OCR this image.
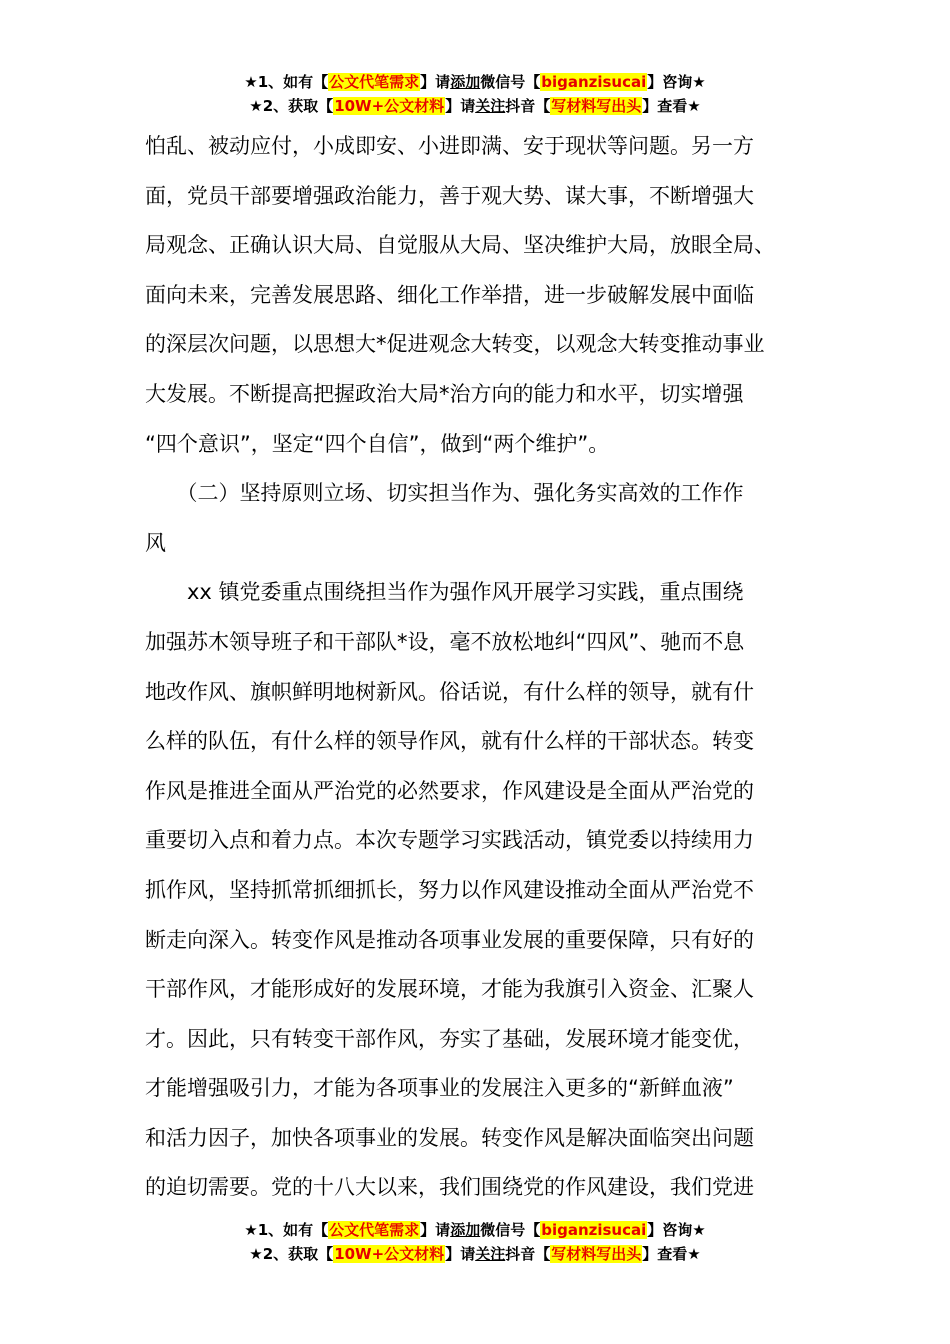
★1、如有【公文代笔需求】请添加微信号【biganzisucai】咨询★
★2、获取【10W+公文材料】请关注抖音【写材料写出头】查看★
怕乱、被动应付，小成即安、小进即满、安于现状等问题。另一方
面，党员干部要增强政治能力，善于观大势、谋大事，不断增强大
局观念、正确认识大局、自觉服从大局、坚决维护大局，放眼全局、
面向未来，完善发展思路、细化工作举措，进一步破解发展中面临
的深层次问题，以思想大*促进观念大转变，以观念大转变推动事业
大发展。不断提高把握政治大局*治方向的能力和水平，切实增强
“四个意识”，坚定“四个自信”，做到“两个维护”。
　　（二）坚持原则立场、切实担当作为、强化务实高效的工作作
风
　　xx 镇党委重点围绕担当作为强作风开展学习实践，重点围绕
加强苏木领导班子和干部队*设，毫不放松地纠“四风”、驰而不息
地改作风、旗帜鲜明地树新风。俗话说，有什么样的领导，就有什
么样的队伍，有什么样的领导作风，就有什么样的干部状态。转变
作风是推进全面从严治党的必然要求，作风建设是全面从严治党的
重要切入点和着力点。本次专题学习实践活动，镇党委以持续用力
抓作风，坚持抓常抓细抓长，努力以作风建设推动全面从严治党不
断走向深入。转变作风是推动各项事业发展的重要保障，只有好的
干部作风，才能形成好的发展环境，才能为我旗引入资金、汇聚人
才。因此，只有转变干部作风，夯实了基础，发展环境才能变优，
才能增强吸引力，才能为各项事业的发展注入更多的“新鲜血液”
和活力因子，加快各项事业的发展。转变作风是解决面临突出问题
的迫切需要。党的十八大以来，我们围绕党的作风建设，我们党进
★1、如有【公文代笔需求】请添加微信号【biganzisucai】咨询★
★2、获取【10W+公文材料】请关注抖音【写材料写出头】查看★
